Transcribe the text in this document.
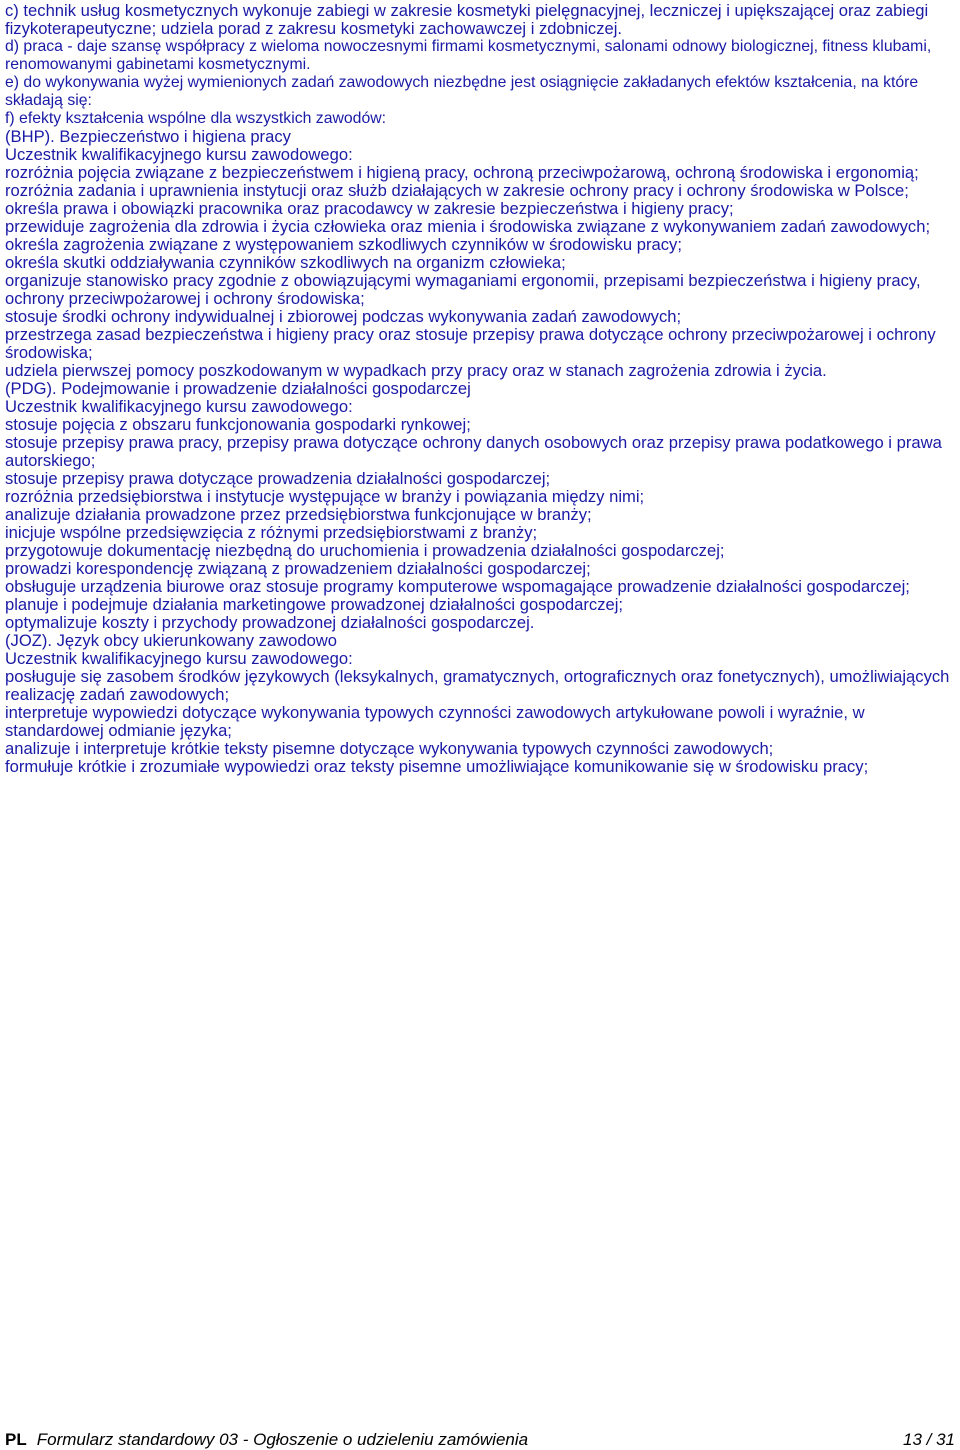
c) technik usług kosmetycznych wykonuje zabiegi w zakresie kosmetyki pielęgnacyjnej, leczniczej i upiększającej oraz zabiegi fizykoterapeutyczne; udziela porad z zakresu kosmetyki zachowawczej i zdobniczej.
d) praca - daje szansę współpracy z wieloma nowoczesnymi firmami kosmetycznymi, salonami odnowy biologicznej, fitness klubami, renomowanymi gabinetami kosmetycznymi.
e) do wykonywania wyżej wymienionych zadań zawodowych niezbędne jest osiągnięcie zakładanych efektów kształcenia, na które składają się:
f) efekty kształcenia wspólne dla wszystkich zawodów:
(BHP). Bezpieczeństwo i higiena pracy
Uczestnik kwalifikacyjnego kursu zawodowego:
rozróżnia pojęcia związane z bezpieczeństwem i higieną pracy, ochroną przeciwpożarową, ochroną środowiska i ergonomią;
rozróżnia zadania i uprawnienia instytucji oraz służb działających w zakresie ochrony pracy i ochrony środowiska w Polsce;
określa prawa i obowiązki pracownika oraz pracodawcy w zakresie bezpieczeństwa i higieny pracy;
przewiduje zagrożenia dla zdrowia i życia człowieka oraz mienia i środowiska związane z wykonywaniem zadań zawodowych;
określa zagrożenia związane z występowaniem szkodliwych czynników w środowisku pracy;
określa skutki oddziaływania czynników szkodliwych na organizm człowieka;
organizuje stanowisko pracy zgodnie z obowiązującymi wymaganiami ergonomii, przepisami bezpieczeństwa i higieny pracy, ochrony przeciwpożarowej i ochrony środowiska;
stosuje środki ochrony indywidualnej i zbiorowej podczas wykonywania zadań zawodowych;
przestrzega zasad bezpieczeństwa i higieny pracy oraz stosuje przepisy prawa dotyczące ochrony przeciwpożarowej i ochrony środowiska;
udziela pierwszej pomocy poszkodowanym w wypadkach przy pracy oraz w stanach zagrożenia zdrowia i życia.
(PDG). Podejmowanie i prowadzenie działalności gospodarczej
Uczestnik kwalifikacyjnego kursu zawodowego:
stosuje pojęcia z obszaru funkcjonowania gospodarki rynkowej;
stosuje przepisy prawa pracy, przepisy prawa dotyczące ochrony danych osobowych oraz przepisy prawa podatkowego i prawa autorskiego;
stosuje przepisy prawa dotyczące prowadzenia działalności gospodarczej;
rozróżnia przedsiębiorstwa i instytucje występujące w branży i powiązania między nimi;
analizuje działania prowadzone przez przedsiębiorstwa funkcjonujące w branży;
inicjuje wspólne przedsięwzięcia z różnymi przedsiębiorstwami z branży;
przygotowuje dokumentację niezbędną do uruchomienia i prowadzenia działalności gospodarczej;
prowadzi korespondencję związaną z prowadzeniem działalności gospodarczej;
obsługuje urządzenia biurowe oraz stosuje programy komputerowe wspomagające prowadzenie działalności gospodarczej;
planuje i podejmuje działania marketingowe prowadzonej działalności gospodarczej;
optymalizuje koszty i przychody prowadzonej działalności gospodarczej.
(JOZ). Język obcy ukierunkowany zawodowo
Uczestnik kwalifikacyjnego kursu zawodowego:
posługuje się zasobem środków językowych (leksykalnych, gramatycznych, ortograficznych oraz fonetycznych), umożliwiających realizację zadań zawodowych;
interpretuje wypowiedzi dotyczące wykonywania typowych czynności zawodowych artykułowane powoli i wyraźnie, w standardowej odmianie języka;
analizuje i interpretuje krótkie teksty pisemne dotyczące wykonywania typowych czynności zawodowych;
formułuje krótkie i zrozumiałe wypowiedzi oraz teksty pisemne umożliwiające komunikowanie się w środowisku pracy;
PL Formularz standardowy 03 - Ogłoszenie o udzieleniu zamówienia	13 / 31
